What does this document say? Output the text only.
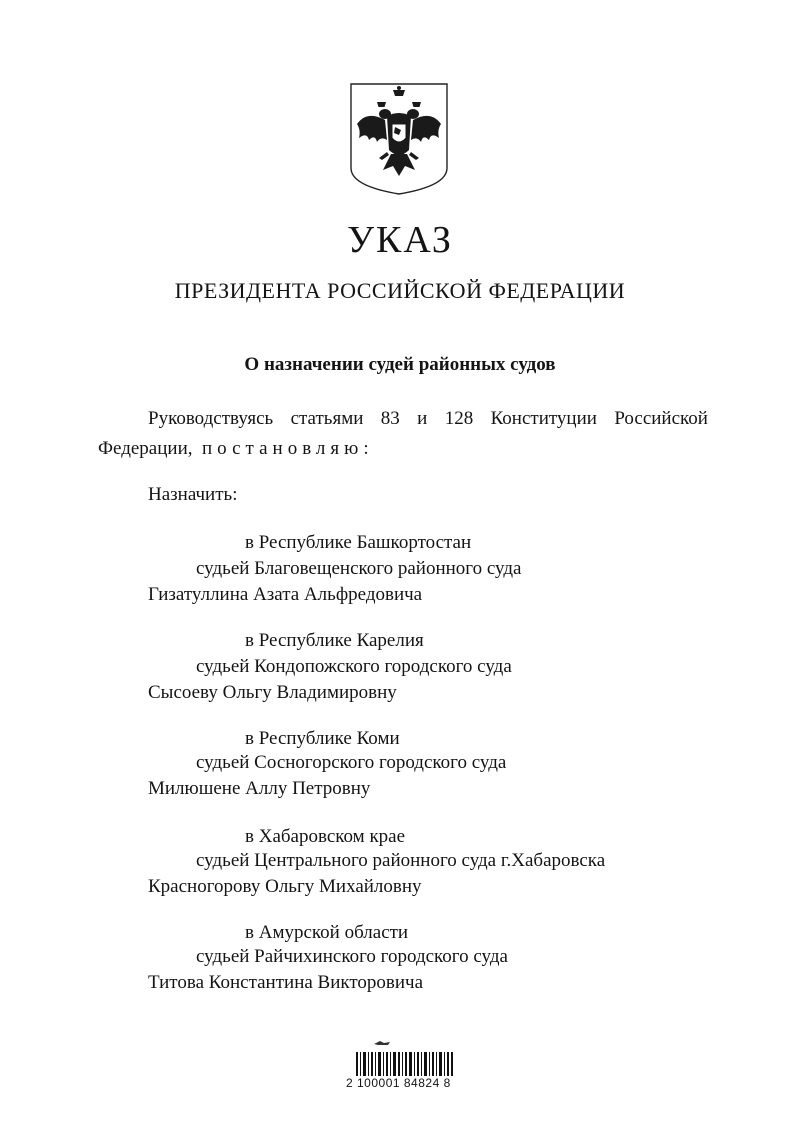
УКАЗ
ПРЕЗИДЕНТА РОССИЙСКОЙ ФЕДЕРАЦИИ
О назначении судей районных судов
Руководствуясь статьями 83 и 128 Конституции Российской
Федерации, постановляю:
Назначить:
в Республике Башкортостан
судьей Благовещенского районного суда
Гизатуллина Азата Альфредовича
в Республике Карелия
судьей Кондопожского городского суда
Сысоеву Ольгу Владимировну
в Республике Коми
судьей Сосногорского городского суда
Милюшене Аллу Петровну
в Хабаровском крае
судьей Центрального районного суда г.Хабаровска
Красногорову Ольгу Михайловну
в Амурской области
судьей Райчихинского городского суда
Титова Константина Викторовича
2 100001 84824 8
